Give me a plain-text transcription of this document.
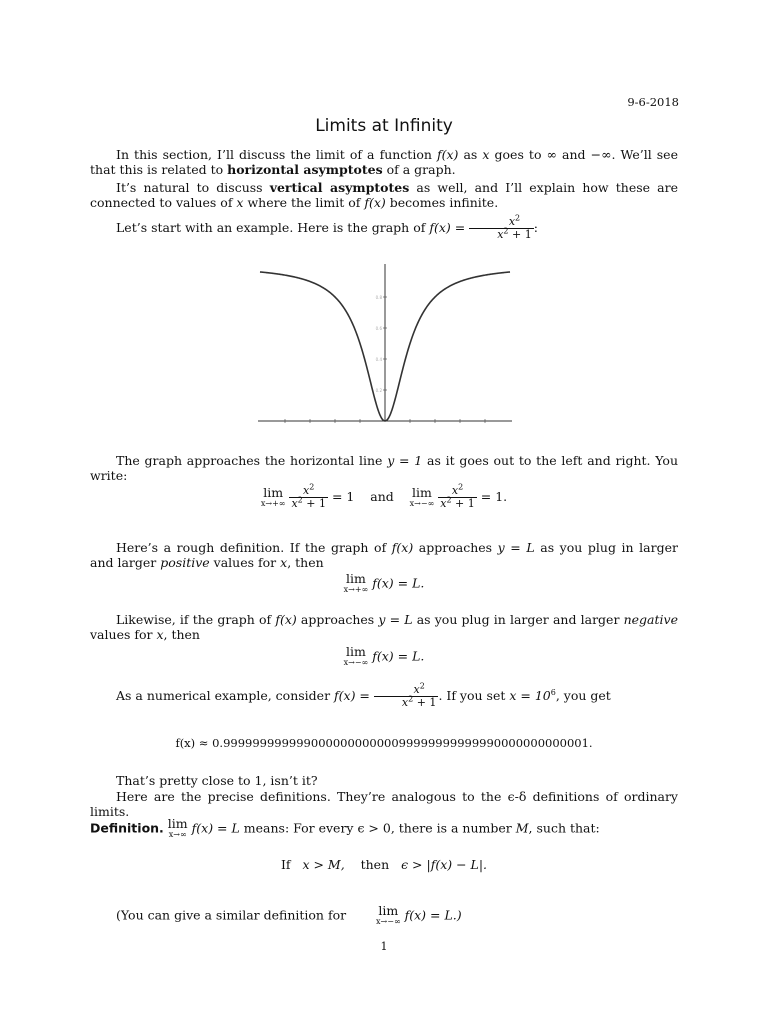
9-6-2018
Limits at Infinity
In this section, I’ll discuss the limit of a function f(x) as x goes to ∞ and −∞. We’ll see that this is related to horizontal asymptotes of a graph.
It’s natural to discuss vertical asymptotes as well, and I’ll explain how these are connected to values of x where the limit of f(x) becomes infinite.
Let’s start with an example. Here is the graph of $f(x) = \frac{x^2}{x^2 + 1}$ :
0.8
0.6
0.4
0.2
The graph approaches the horizontal line y = 1 as it goes out to the left and right. You write:
lim
x→+∞
$\frac{x^2}{x^2 + 1} = 1$ and lim
x→−∞
$\frac{x^2}{x^2 + 1} = 1$.
Here’s a rough definition. If the graph of f(x) approaches y = L as you plug in larger and larger positive values for x, then
lim
x→+∞ f(x) = L.
Likewise, if the graph of f(x) approaches y = L as you plug in larger and larger negative values for x, then
lim
x→−∞ f(x) = L.
As a numerical example, consider $f(x) = \frac{x^2}{x^2 + 1}$ . If you set $x = 10^6$, you get
f(x) ≈ 0.99999999999900000000000099999999999990000000000001.
That’s pretty close to 1, isn’t it?
Here are the precise definitions. They’re analogous to the ϵ-δ definitions of ordinary limits.
Definition. lim
x→∞ f(x) = L means: For every ϵ > 0, there is a number M, such that:
If x > M, then ϵ > |f(x) − L|.
(You can give a similar definition for lim
x→−∞ f(x) = L.)
1
